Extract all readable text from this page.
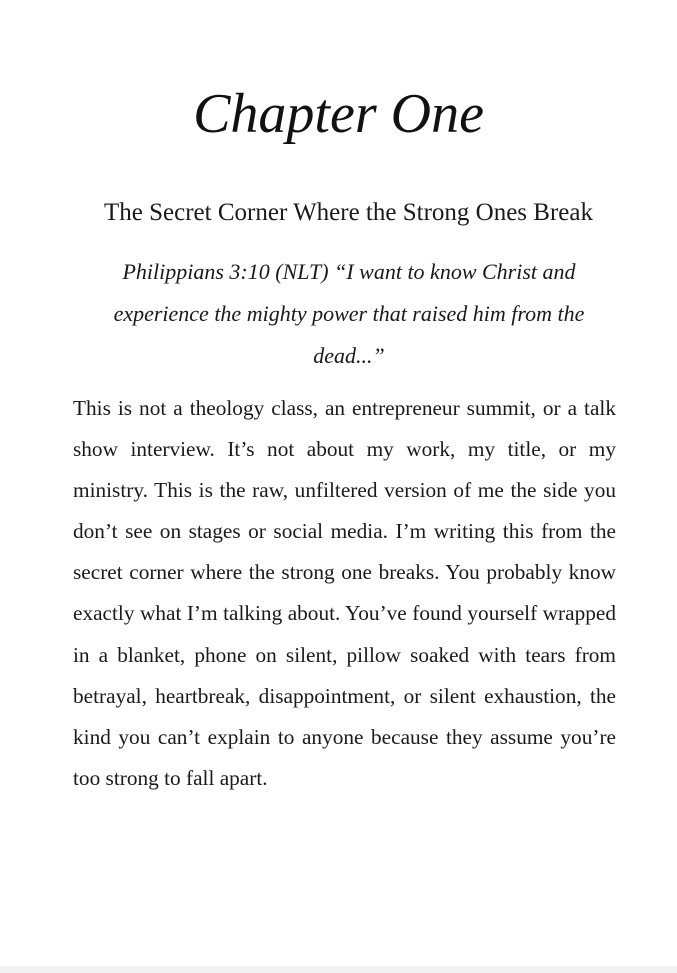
Chapter One
The Secret Corner Where the Strong Ones Break

Philippians 3:10 (NLT) “I want to know Christ and experience the mighty power that raised him from the dead...”

This is not a theology class, an entrepreneur summit, or a talk show interview. It’s not about my work, my title, or my ministry. This is the raw, unfiltered version of me the side you don’t see on stages or social media. I’m writing this from the secret corner where the strong one breaks. You probably know exactly what I’m talking about. You’ve found yourself wrapped in a blanket, phone on silent, pillow soaked with tears from betrayal, heartbreak, disappointment, or silent exhaustion, the kind you can’t explain to anyone because they assume you’re too strong to fall apart.
